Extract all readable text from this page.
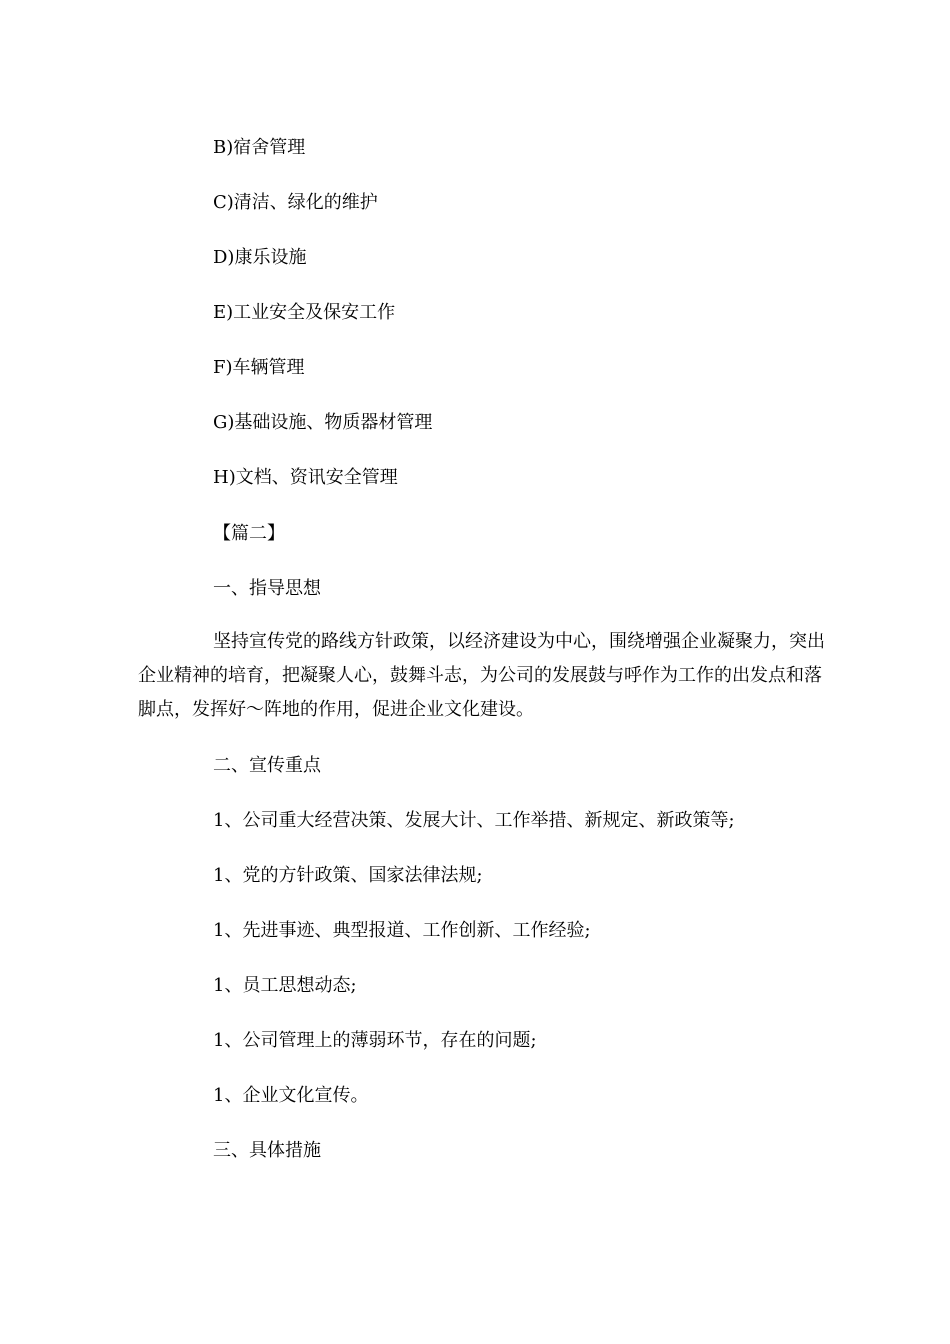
B)宿舍管理

C)清洁、绿化的维护

D)康乐设施

E)工业安全及保安工作

F)车辆管理

G)基础设施、物质器材管理

H)文档、资讯安全管理

【篇二】

一、指导思想

坚持宣传党的路线方针政策，以经济建设为中心，围绕增强企业凝聚力，突出企业精神的培育，把凝聚人心，鼓舞斗志，为公司的发展鼓与呼作为工作的出发点和落脚点，发挥好～阵地的作用，促进企业文化建设。

二、宣传重点

1、公司重大经营决策、发展大计、工作举措、新规定、新政策等;

1、党的方针政策、国家法律法规;

1、先进事迹、典型报道、工作创新、工作经验;

1、员工思想动态;

1、公司管理上的薄弱环节，存在的问题;

1、企业文化宣传。

三、具体措施
